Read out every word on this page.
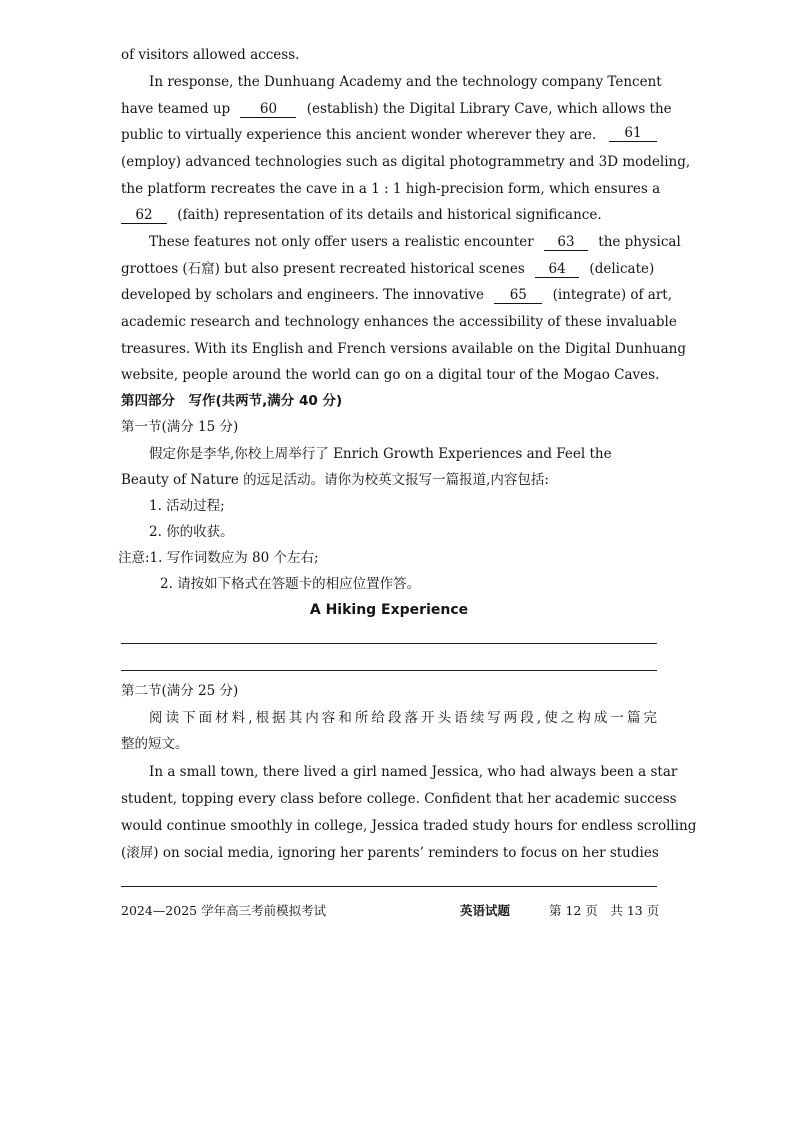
of visitors allowed access.
In response, the Dunhuang Academy and the technology company Tencent
have teamed up 60 (establish) the Digital Library Cave, which allows the
public to virtually experience this ancient wonder wherever they are.	61
(employ) advanced technologies such as digital photogrammetry and 3D modeling,
the platform recreates the cave in a 1 : 1 high-precision form, which ensures a
62 (faith) representation of its details and historical significance.
These features not only offer users a realistic encounter 63 the physical
grottoes (石窟) but also present recreated historical scenes 64 (delicate)
developed by scholars and engineers. The innovative 65 (integrate) of art,
academic research and technology enhances the accessibility of these invaluable
treasures. With its English and French versions available on the Digital Dunhuang
website, people around the world can go on a digital tour of the Mogao Caves.
第四部分　写作(共两节,满分 40 分)
第一节(满分 15 分)
假定你是李华,你校上周举行了 Enrich Growth Experiences and Feel the
Beauty of Nature 的远足活动。请你为校英文报写一篇报道,内容包括:
1. 活动过程;
2. 你的收获。
注意:1. 写作词数应为 80 个左右;
2. 请按如下格式在答题卡的相应位置作答。
A Hiking Experience
第二节(满分 25 分)
阅读下面材料,根据其内容和所给段落开头语续写两段,使之构成一篇完
整的短文。
In a small town, there lived a girl named Jessica, who had always been a star
student, topping every class before college. Confident that her academic success
would continue smoothly in college, Jessica traded study hours for endless scrolling
(滚屏) on social media, ignoring her parents’ reminders to focus on her studies
2024—2025 学年高三考前模拟考试	英语试题	第 12 页　共 13 页
